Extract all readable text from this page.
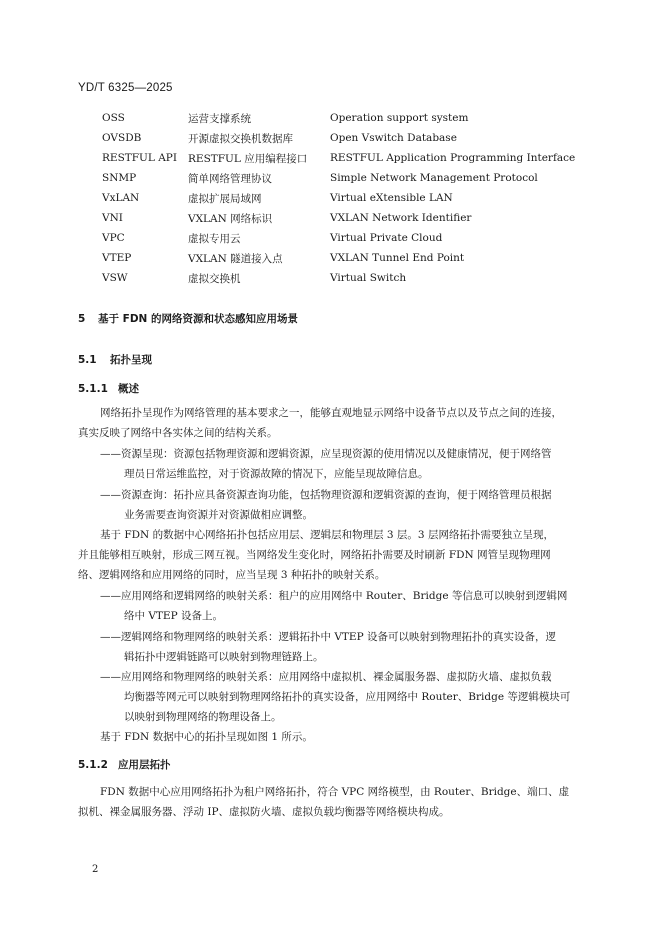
YD/T 6325—2025
OSS	运营支撑系统	Operation support system
OVSDB	开源虚拟交换机数据库	Open Vswitch Database
RESTFUL API	RESTFUL 应用编程接口	RESTFUL Application Programming Interface
SNMP	简单网络管理协议	Simple Network Management Protocol
VxLAN	虚拟扩展局域网	Virtual eXtensible LAN
VNI	VXLAN 网络标识	VXLAN Network Identifier
VPC	虚拟专用云	Virtual Private Cloud
VTEP	VXLAN 隧道接入点	VXLAN Tunnel End Point
VSW	虚拟交换机	Virtual Switch
5 基于 FDN 的网络资源和状态感知应用场景
5.1 拓扑呈现
5.1.1 概述
网络拓扑呈现作为网络管理的基本要求之一，能够直观地显示网络中设备节点以及节点之间的连接，
真实反映了网络中各实体之间的结构关系。
——资源呈现：资源包括物理资源和逻辑资源，应呈现资源的使用情况以及健康情况，便于网络管
理员日常运维监控，对于资源故障的情况下，应能呈现故障信息。
——资源查询：拓扑应具备资源查询功能，包括物理资源和逻辑资源的查询，便于网络管理员根据
业务需要查询资源并对资源做相应调整。
基于 FDN 的数据中心网络拓扑包括应用层、逻辑层和物理层 3 层。3 层网络拓扑需要独立呈现，
并且能够相互映射，形成三网互视。当网络发生变化时，网络拓扑需要及时刷新 FDN 网管呈现物理网
络、逻辑网络和应用网络的同时，应当呈现 3 种拓扑的映射关系。
——应用网络和逻辑网络的映射关系：租户的应用网络中 Router、Bridge 等信息可以映射到逻辑网
络中 VTEP 设备上。
——逻辑网络和物理网络的映射关系：逻辑拓扑中 VTEP 设备可以映射到物理拓扑的真实设备，逻
辑拓扑中逻辑链路可以映射到物理链路上。
——应用网络和物理网络的映射关系：应用网络中虚拟机、裸金属服务器、虚拟防火墙、虚拟负载
均衡器等网元可以映射到物理网络拓扑的真实设备，应用网络中 Router、Bridge 等逻辑模块可
以映射到物理网络的物理设备上。
基于 FDN 数据中心的拓扑呈现如图 1 所示。
5.1.2 应用层拓扑
FDN 数据中心应用网络拓扑为租户网络拓扑，符合 VPC 网络模型，由 Router、Bridge、端口、虚
拟机、裸金属服务器、浮动 IP、虚拟防火墙、虚拟负载均衡器等网络模块构成。
2
